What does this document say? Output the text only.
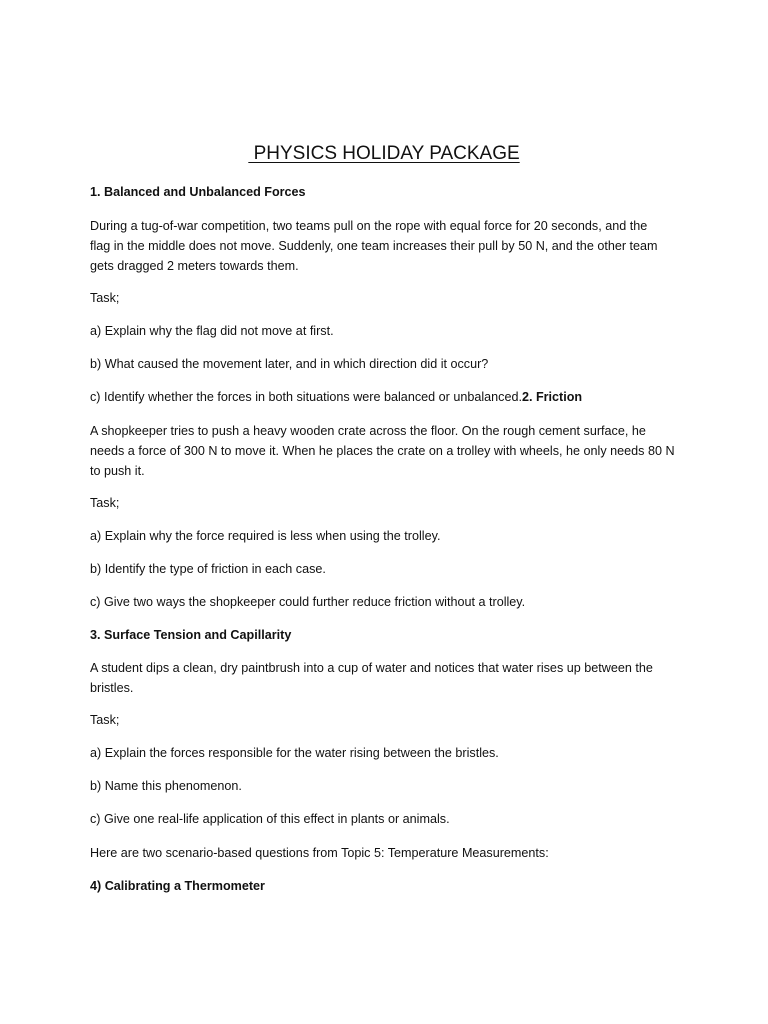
PHYSICS HOLIDAY PACKAGE
1. Balanced and Unbalanced Forces
During a tug-of-war competition, two teams pull on the rope with equal force for 20 seconds, and the
flag in the middle does not move. Suddenly, one team increases their pull by 50 N, and the other team
gets dragged 2 meters towards them.
Task;
a) Explain why the flag did not move at first.
b) What caused the movement later, and in which direction did it occur?
c) Identify whether the forces in both situations were balanced or unbalanced.2. Friction
A shopkeeper tries to push a heavy wooden crate across the floor. On the rough cement surface, he
needs a force of 300 N to move it. When he places the crate on a trolley with wheels, he only needs 80 N
to push it.
Task;
a) Explain why the force required is less when using the trolley.
b) Identify the type of friction in each case.
c) Give two ways the shopkeeper could further reduce friction without a trolley.
3. Surface Tension and Capillarity
A student dips a clean, dry paintbrush into a cup of water and notices that water rises up between the
bristles.
Task;
a) Explain the forces responsible for the water rising between the bristles.
b) Name this phenomenon.
c) Give one real-life application of this effect in plants or animals.
Here are two scenario-based questions from Topic 5: Temperature Measurements:
4) Calibrating a Thermometer
